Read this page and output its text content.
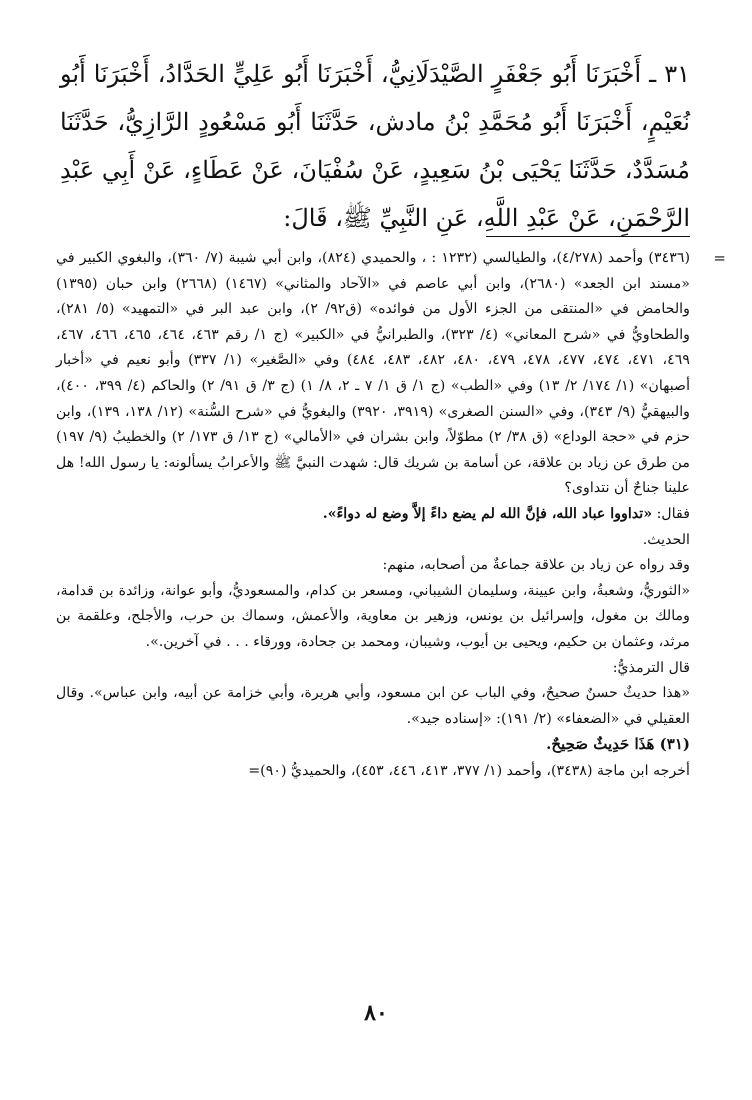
٣١ ـ أَخْبَرَنَا أَبُو جَعْفَرٍ الصَّيْدَلَانِيُّ، أَخْبَرَنَا أَبُو عَلِيٍّ الحَدَّادُ، أَخْبَرَنَا أَبُو نُعَيْمٍ، أَخْبَرَنَا أَبُو مُحَمَّدِ بْنُ مادش، حَدَّثَنَا أَبُو مَسْعُودٍ الرَّازِيُّ، حَدَّثَنَا مُسَدَّدٌ، حَدَّثَنَا يَحْيَى بْنُ سَعِيدٍ، عَنْ سُفْيَانَ، عَنْ عَطَاءٍ، عَنْ أَبِي عَبْدِ الرَّحْمَنِ، عَنْ عَبْدِ اللَّهِ، عَنِ النَّبِيِّ ﷺ، قَالَ:

=
(٣٤٣٦) وأحمد (٤/٢٧٨)، والطيالسي (١٢٣٢ : ، والحميدي (٨٢٤)، وابن أبي شيبة (٧/ ٣٦٠)، والبغوي الكبير في «مسند ابن الجعد» (٢٦٨٠)، وابن أبي عاصم في «الآحاد والمثاني» (١٤٦٧) (٢٦٦٨) وابن حبان (١٣٩٥) والحامض في «المنتقى من الجزء الأول من فوائده» (ق٩٢/ ٢)، وابن عبد البر في «التمهيد» (٥/ ٢٨١)، والطحاويُّ في «شرح المعاني» (٤/ ٣٢٣)، والطبرانيُّ في «الكبير» (ج ١/ رقم ٤٦٣، ٤٦٤، ٤٦٥، ٤٦٦، ٤٦٧، ٤٦٩، ٤٧١، ٤٧٤، ٤٧٧، ٤٧٨، ٤٧٩، ٤٨٠، ٤٨٢، ٤٨٣، ٤٨٤) وفي «الصَّغير» (١/ ٣٣٧) وأبو نعيم في «أخبار أصبهان» (١/ ١٧٤/ ٢/ ١٣) وفي «الطب» (ج ١/ ق ١/ ٧ ـ ٢، ٨/ ١) (ج ٣/ ق ٩١/ ٢) والحاكم (٤/ ٣٩٩، ٤٠٠)، والبيهقيُّ (٩/ ٣٤٣)، وفي «السنن الصغرى» (٣٩١٩، ٣٩٢٠) والبغويُّ في «شرح السُّنة» (١٢/ ١٣٨، ١٣٩)، وابن حزم في «حجة الوداع» (ق ٣٨/ ٢) مطوّلاً، وابن بشران في «الأمالي» (ج ١٣/ ق ١٧٣/ ٢) والخطيبُ (٩/ ١٩٧) من طرق عن زياد بن علاقة، عن أسامة بن شريك قال: شهدت النبيَّ ﷺ والأعرابُ يسألونه: يا رسول الله! هل علينا جناحٌ أن نتداوى؟

فقال: «تداووا عباد الله، فإنَّ الله لم يضع داءً إلاَّ وضع له دواءً».

الحديث.

وقد رواه عن زياد بن علاقة جماعةٌ من أصحابه، منهم:

«الثوريُّ، وشعبةُ، وابن عيينة، وسليمان الشيباني، ومسعر بن كدام، والمسعوديُّ، وأبو عوانة، وزائدة بن قدامة، ومالك بن مغول، وإسرائيل بن يونس، وزهير بن معاوية، والأعمش، وسماك بن حرب، والأجلح، وعلقمة بن مرثد، وعثمان بن حكيم، ويحيى بن أيوب، وشيبان، ومحمد بن جحادة، وورقاء . . . في آخرين.».

قال الترمذيُّ:

«هذا حديثٌ حسنٌ صحيحٌ، وفي الباب عن ابن مسعود، وأبي هريرة، وأبي خزامة عن أبيه، وابن عباس». وقال العقيلي في «الضعفاء» (٢/ ١٩١): «إسناده جيد».

(٣١) هَذَا حَدِيثٌ صَحِيحٌ.

أخرجه ابن ماجة (٣٤٣٨)، وأحمد (١/ ٣٧٧، ٤١٣، ٤٤٦، ٤٥٣)، والحميديُّ (٩٠)=

٨٠
